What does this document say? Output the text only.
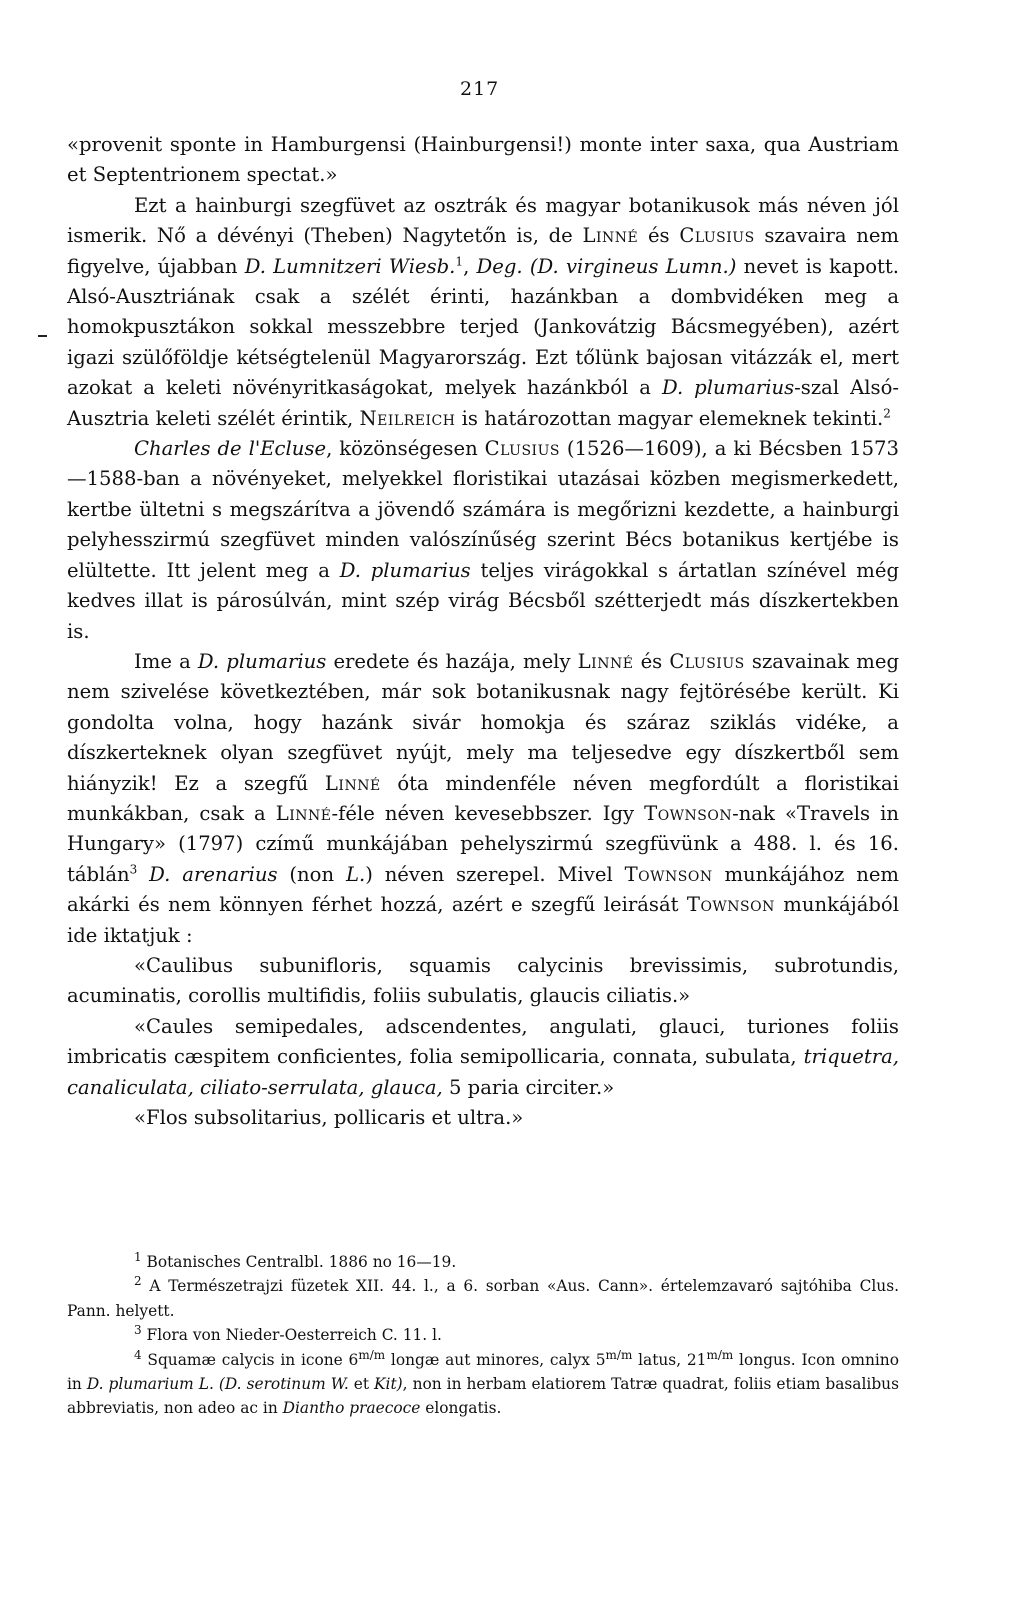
217

«provenit sponte in Hamburgensi (Hainburgensi!) monte inter saxa, qua Austriam et Septentrionem spectat.»

Ezt a hainburgi szegfüvet az osztrák és magyar botanikusok más néven jól ismerik. Nő a dévényi (Theben) Nagytetőn is, de Linné és Clusius szavaira nem figyelve, újabban D. Lumnitzeri Wiesb.$^1$, Deg. (D. virgineus Lumn.) nevet is kapott. Alsó-Ausztriának csak a szélét érinti, hazánkban a dombvidéken meg a homokpusztákon sokkal messzebbre terjed (Jankovátzig Bácsmegyében), azért igazi szülőföldje kétségtelenül Magyarország. Ezt tőlünk bajosan vitázzák el, mert azokat a keleti növényritkaságokat, melyek hazánkból a D. plumarius-szal Alsó-Ausztria keleti szélét érintik, Neilreich is határozottan magyar elemeknek tekinti.$^2$

Charles de l'Ecluse, közönségesen Clusius (1526—1609), a ki Bécsben 1573—1588-ban a növényeket, melyekkel floristikai utazásai közben megismerkedett, kertbe ültetni s megszárítva a jövendő számára is megőrizni kezdette, a hainburgi pelyhesszirmú szegfüvet minden valószínűség szerint Bécs botanikus kertjébe is elültette. Itt jelent meg a D. plumarius teljes virágokkal s ártatlan színével még kedves illat is párosúlván, mint szép virág Bécsből szétterjedt más díszkertekben is.

Ime a D. plumarius eredete és hazája, mely Linné és Clusius szavainak meg nem szivelése következtében, már sok botanikusnak nagy fejtörésébe került. Ki gondolta volna, hogy hazánk sivár homokja és száraz sziklás vidéke, a díszkerteknek olyan szegfüvet nyújt, mely ma teljesedve egy díszkertből sem hiányzik! Ez a szegfű Linné óta mindenféle néven megfordúlt a floristikai munkákban, csak a Linné-féle néven kevesebbszer. Igy Townson-nak «Travels in Hungary» (1797) czímű munkájában pehelyszirmú szegfüvünk a 488. l. és 16. táblán$^3$ D. arenarius (non L.) néven szerepel. Mivel Townson munkájához nem akárki és nem könnyen férhet hozzá, azért e szegfű leirását Townson munkájából ide iktatjuk :

«Caulibus subunifloris, squamis calycinis brevissimis, subrotundis, acuminatis, corollis multifidis, foliis subulatis, glaucis ciliatis.»

«Caules semipedales, adscendentes, angulati, glauci, turiones foliis imbricatis cæspitem conficientes, folia semipollicaria, connata, subulata, triquetra, canaliculata, ciliato-serrulata, glauca, 5 paria circiter.»

«Flos subsolitarius, pollicaris et ultra.»

$^1$ Botanisches Centralbl. 1886 no 16—19.

$^2$ A Természetrajzi füzetek XII. 44. l., a 6. sorban «Aus. Cann». értelemzavaró sajtóhiba Clus. Pann. helyett.

$^3$ Flora von Nieder-Oesterreich C. 11. l.

$^4$ Squamæ calycis in icone $6^{m/m}$ longæ aut minores, calyx $5^{m/m}$ latus, $21^{m/m}$ longus. Icon omnino in D. plumarium L. (D. serotinum W. et Kit), non in herbam elatiorem Tatræ quadrat, foliis etiam basalibus abbreviatis, non adeo ac in Diantho praecoce elongatis.
